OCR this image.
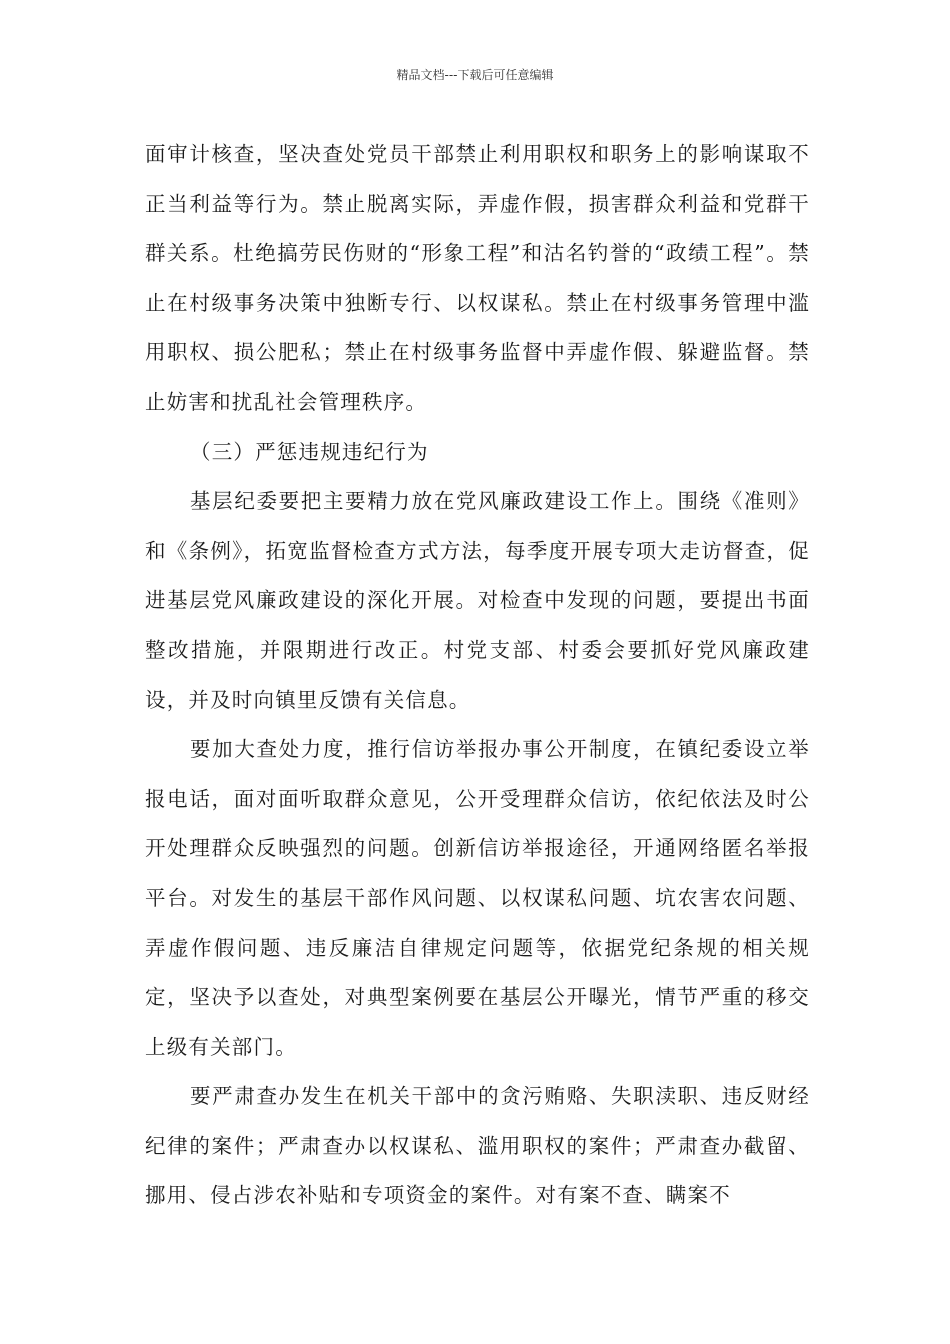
精品文档---下载后可任意编辑

面审计核查，坚决查处党员干部禁止利用职权和职务上的影响谋取不正当利益等行为。禁止脱离实际，弄虚作假，损害群众利益和党群干群关系。杜绝搞劳民伤财的“形象工程”和沽名钓誉的“政绩工程”。禁止在村级事务决策中独断专行、以权谋私。禁止在村级事务管理中滥用职权、损公肥私；禁止在村级事务监督中弄虚作假、躲避监督。禁止妨害和扰乱社会管理秩序。

（三）严惩违规违纪行为

基层纪委要把主要精力放在党风廉政建设工作上。围绕《准则》和《条例》，拓宽监督检查方式方法，每季度开展专项大走访督查，促进基层党风廉政建设的深化开展。对检查中发现的问题，要提出书面整改措施，并限期进行改正。村党支部、村委会要抓好党风廉政建设，并及时向镇里反馈有关信息。

要加大查处力度，推行信访举报办事公开制度，在镇纪委设立举报电话，面对面听取群众意见，公开受理群众信访，依纪依法及时公开处理群众反映强烈的问题。创新信访举报途径，开通网络匿名举报平台。对发生的基层干部作风问题、以权谋私问题、坑农害农问题、弄虚作假问题、违反廉洁自律规定问题等，依据党纪条规的相关规定，坚决予以查处，对典型案例要在基层公开曝光，情节严重的移交上级有关部门。

要严肃查办发生在机关干部中的贪污贿赂、失职渎职、违反财经纪律的案件；严肃查办以权谋私、滥用职权的案件；严肃查办截留、挪用、侵占涉农补贴和专项资金的案件。对有案不查、瞒案不
